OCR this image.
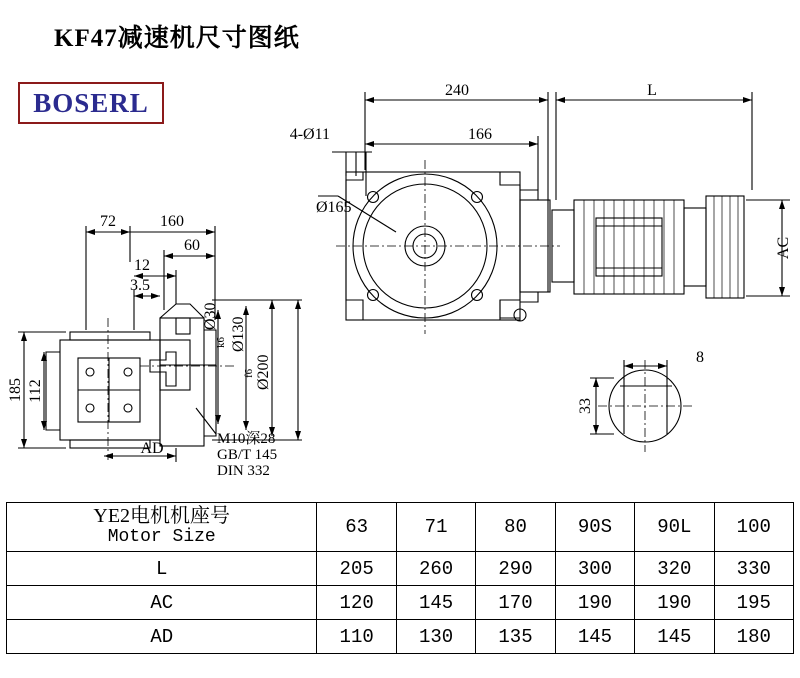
KF47减速机尺寸图纸
BOSERL	240	L
166
4-Ø11
Ø165
72	160
60
12
3.5
AD
8
AC
185 112
33
Ø30
k6 Ø130
f6 Ø200
M10深28
GB/T 145
DIN 332
YE2电机机座号
Motor Size	63	71	80	90S	90L	100
L	205	260	290	300	320	330
AC	120	145	170	190	190	195
AD	110	130	135	145	145	180
